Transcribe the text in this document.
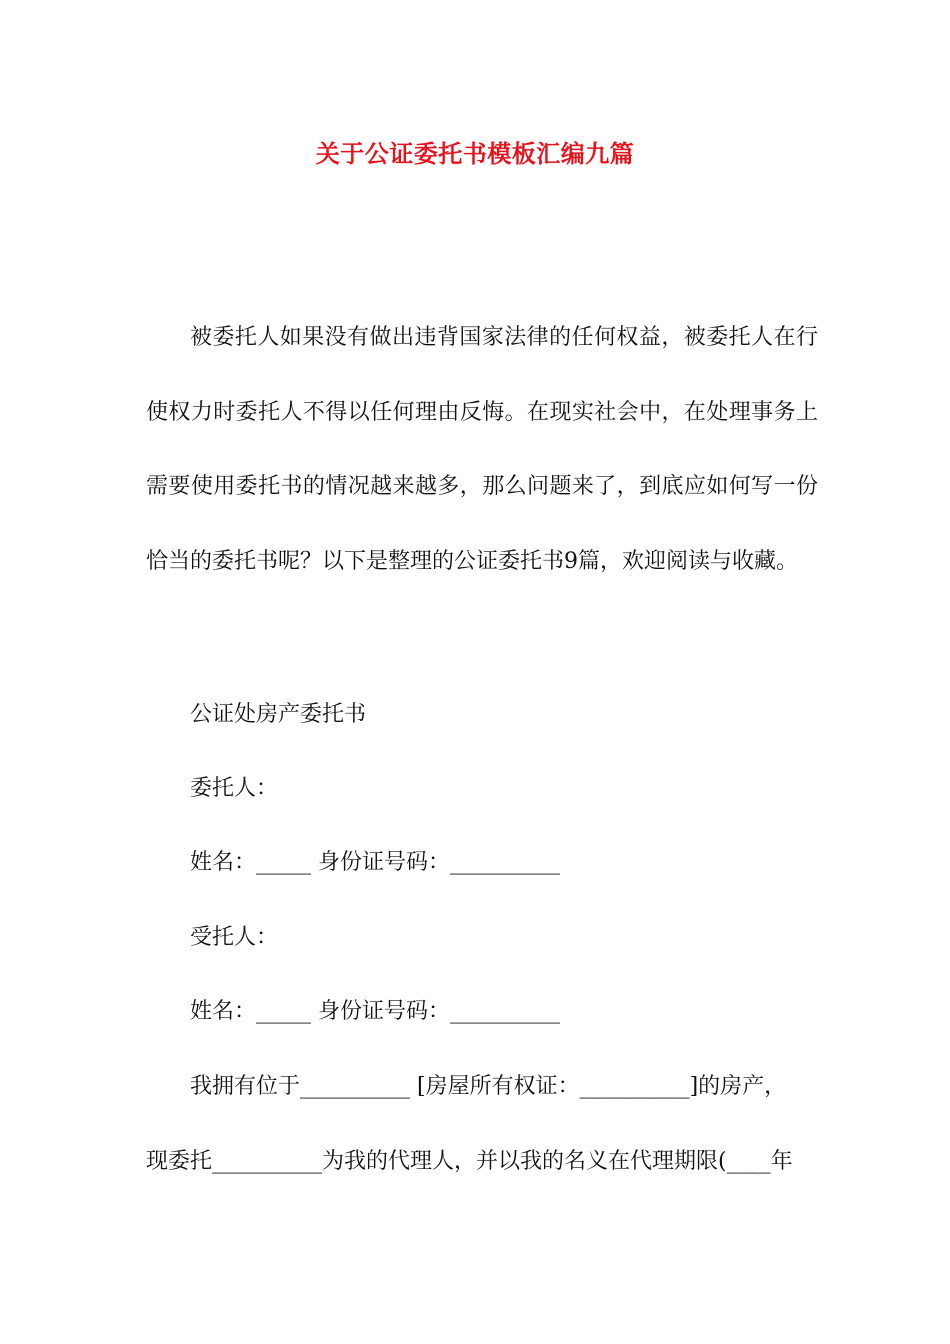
关于公证委托书模板汇编九篇

被委托人如果没有做出违背国家法律的任何权益，被委托人在行使权力时委托人不得以任何理由反悔。在现实社会中，在处理事务上需要使用委托书的情况越来越多，那么问题来了，到底应如何写一份恰当的委托书呢？以下是整理的公证委托书9篇，欢迎阅读与收藏。

公证处房产委托书
委托人：
姓名：_____ 身份证号码：__________
受托人：
姓名：_____ 身份证号码：__________
我拥有位于__________ [房屋所有权证：__________]的房产，
现委托__________为我的代理人，并以我的名义在代理期限(____年
